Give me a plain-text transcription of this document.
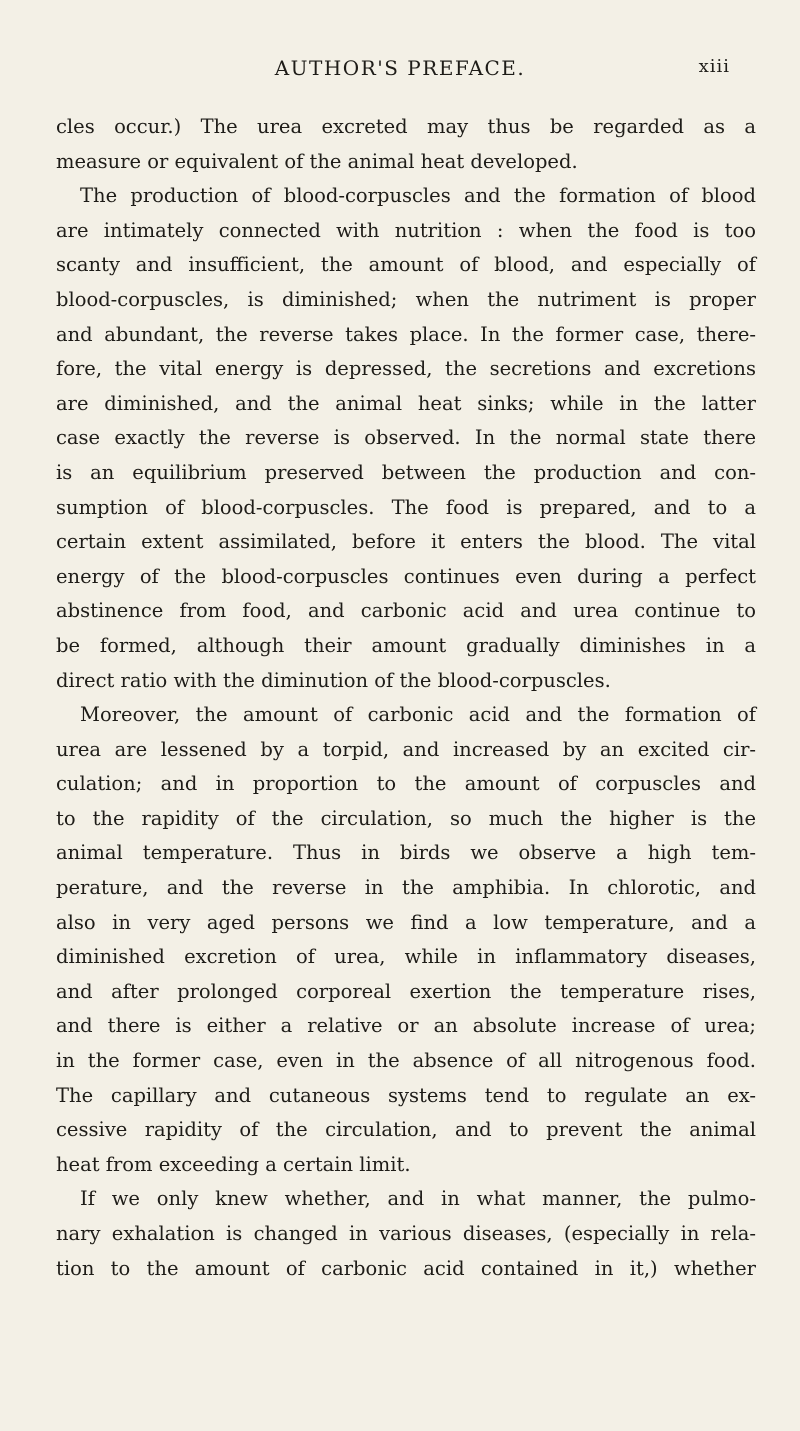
AUTHOR'S PREFACE.	xiii
cles occur.) The urea excreted may thus be regarded as a
measure or equivalent of the animal heat developed.
The production of blood-corpuscles and the formation of blood
are intimately connected with nutrition : when the food is too
scanty and insufficient, the amount of blood, and especially of
blood-corpuscles, is diminished; when the nutriment is proper
and abundant, the reverse takes place. In the former case, there-
fore, the vital energy is depressed, the secretions and excretions
are diminished, and the animal heat sinks; while in the latter
case exactly the reverse is observed. In the normal state there
is an equilibrium preserved between the production and con-
sumption of blood-corpuscles. The food is prepared, and to a
certain extent assimilated, before it enters the blood. The vital
energy of the blood-corpuscles continues even during a perfect
abstinence from food, and carbonic acid and urea continue to
be formed, although their amount gradually diminishes in a
direct ratio with the diminution of the blood-corpuscles.
Moreover, the amount of carbonic acid and the formation of
urea are lessened by a torpid, and increased by an excited cir-
culation; and in proportion to the amount of corpuscles and
to the rapidity of the circulation, so much the higher is the
animal temperature. Thus in birds we observe a high tem-
perature, and the reverse in the amphibia. In chlorotic, and
also in very aged persons we find a low temperature, and a
diminished excretion of urea, while in inflammatory diseases,
and after prolonged corporeal exertion the temperature rises,
and there is either a relative or an absolute increase of urea;
in the former case, even in the absence of all nitrogenous food.
The capillary and cutaneous systems tend to regulate an ex-
cessive rapidity of the circulation, and to prevent the animal
heat from exceeding a certain limit.
If we only knew whether, and in what manner, the pulmo-
nary exhalation is changed in various diseases, (especially in rela-
tion to the amount of carbonic acid contained in it,) whether
